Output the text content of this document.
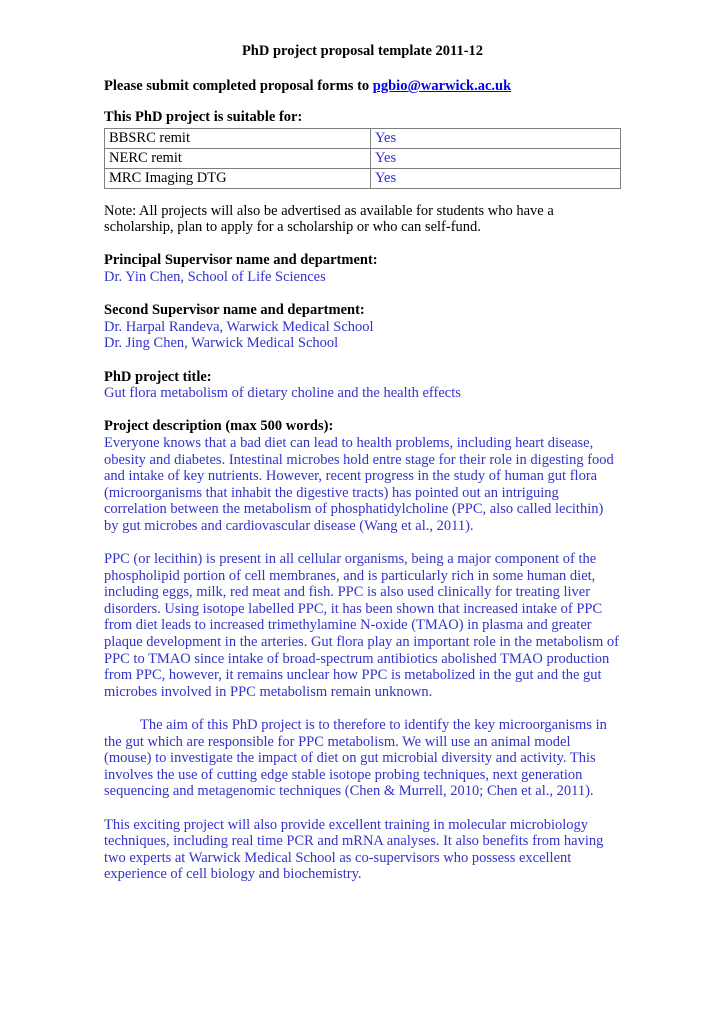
PhD project proposal template 2011-12
Please submit completed proposal forms to pgbio@warwick.ac.uk
This PhD project is suitable for:
BBSRC remit	Yes
NERC remit	Yes
MRC Imaging DTG	Yes
Note: All projects will also be advertised as available for students who have a scholarship, plan to apply for a scholarship or who can self-fund.
Principal Supervisor name and department:
Dr. Yin Chen, School of Life Sciences
Second Supervisor name and department:
Dr. Harpal Randeva, Warwick Medical School
Dr. Jing Chen, Warwick Medical School
PhD project title:
Gut flora metabolism of dietary choline and the health effects
Project description (max 500 words):
Everyone knows that a bad diet can lead to health problems, including heart disease, obesity and diabetes. Intestinal microbes hold entre stage for their role in digesting food and intake of key nutrients. However, recent progress in the study of human gut flora (microorganisms that inhabit the digestive tracts) has pointed out an intriguing correlation between the metabolism of phosphatidylcholine (PPC, also called lecithin) by gut microbes and cardiovascular disease (Wang et al., 2011).
PPC (or lecithin) is present in all cellular organisms, being a major component of the phospholipid portion of cell membranes, and is particularly rich in some human diet, including eggs, milk, red meat and fish. PPC is also used clinically for treating liver disorders. Using isotope labelled PPC, it has been shown that increased intake of PPC from diet leads to increased trimethylamine N-oxide (TMAO) in plasma and greater plaque development in the arteries. Gut flora play an important role in the metabolism of PPC to TMAO since intake of broad-spectrum antibiotics abolished TMAO production from PPC, however, it remains unclear how PPC is metabolized in the gut and the gut microbes involved in PPC metabolism remain unknown.
The aim of this PhD project is to therefore to identify the key microorganisms in the gut which are responsible for PPC metabolism. We will use an animal model (mouse) to investigate the impact of diet on gut microbial diversity and activity. This involves the use of cutting edge stable isotope probing techniques, next generation sequencing and metagenomic techniques (Chen & Murrell, 2010; Chen et al., 2011).
This exciting project will also provide excellent training in molecular microbiology techniques, including real time PCR and mRNA analyses. It also benefits from having two experts at Warwick Medical School as co-supervisors who possess excellent experience of cell biology and biochemistry.
